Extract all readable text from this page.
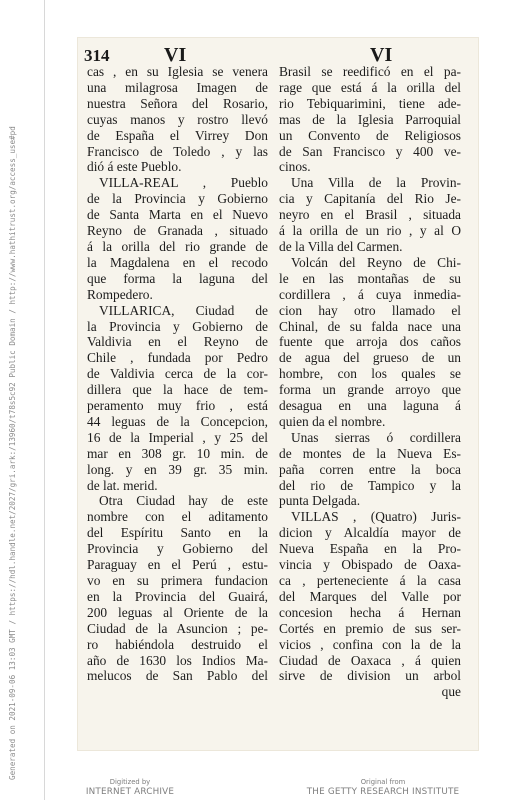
Generated on 2021-09-06 13:03 GMT / https://hdl.handle.net/2027/gri.ark:/13960/t78s5c92 Public Domain / http://www.hathitrust.org/access_use#pd
314	VI	VI
cas , en su Iglesia se venera
una milagrosa Imagen de
nuestra Señora del Rosario,
cuyas manos y rostro llevó
de España el Virrey Don
Francisco de Toledo , y las
dió á este Pueblo.
VILLA-REAL , Pueblo
de la Provincia y Gobierno
de Santa Marta en el Nuevo
Reyno de Granada , situado
á la orilla del rio grande de
la Magdalena en el recodo
que forma la laguna del
Rompedero.
VILLARICA, Ciudad de
la Provincia y Gobierno de
Valdivia en el Reyno de
Chile , fundada por Pedro
de Valdivia cerca de la cor-
dillera que la hace de tem-
peramento muy frio , está
44 leguas de la Concepcion,
16 de la Imperial , y 25 del
mar en 308 gr. 10 min. de
long. y en 39 gr. 35 min.
de lat. merid.
Otra Ciudad hay de este
nombre con el aditamento
del Espíritu Santo en la
Provincia y Gobierno del
Paraguay en el Perú , estu-
vo en su primera fundacion
en la Provincia del Guairá,
200 leguas al Oriente de la
Ciudad de la Asuncion ; pe-
ro habiéndola destruido el
año de 1630 los Indios Ma-
melucos de San Pablo del
Brasil se reedificó en el pa-
rage que está á la orilla del
rio Tebiquarimini, tiene ade-
mas de la Iglesia Parroquial
un Convento de Religiosos
de San Francisco y 400 ve-
cinos.
Una Villa de la Provin-
cia y Capitanía del Rio Je-
neyro en el Brasil , situada
á la orilla de un rio , y al O
de la Villa del Carmen.
Volcán del Reyno de Chi-
le en las montañas de su
cordillera , á cuya inmedia-
cion hay otro llamado el
Chinal, de su falda nace una
fuente que arroja dos caños
de agua del grueso de un
hombre, con los quales se
forma un grande arroyo que
desagua en una laguna á
quien da el nombre.
Unas sierras ó cordillera
de montes de la Nueva Es-
paña corren entre la boca
del rio de Tampico y la
punta Delgada.
VILLAS , (Quatro) Juris-
dicion y Alcaldía mayor de
Nueva España en la Pro-
vincia y Obispado de Oaxa-
ca , perteneciente á la casa
del Marques del Valle por
concesion hecha á Hernan
Cortés en premio de sus ser-
vicios , confina con la de la
Ciudad de Oaxaca , á quien
sirve de division un arbol
que
Digitized by
INTERNET ARCHIVE
Original from
THE GETTY RESEARCH INSTITUTE
